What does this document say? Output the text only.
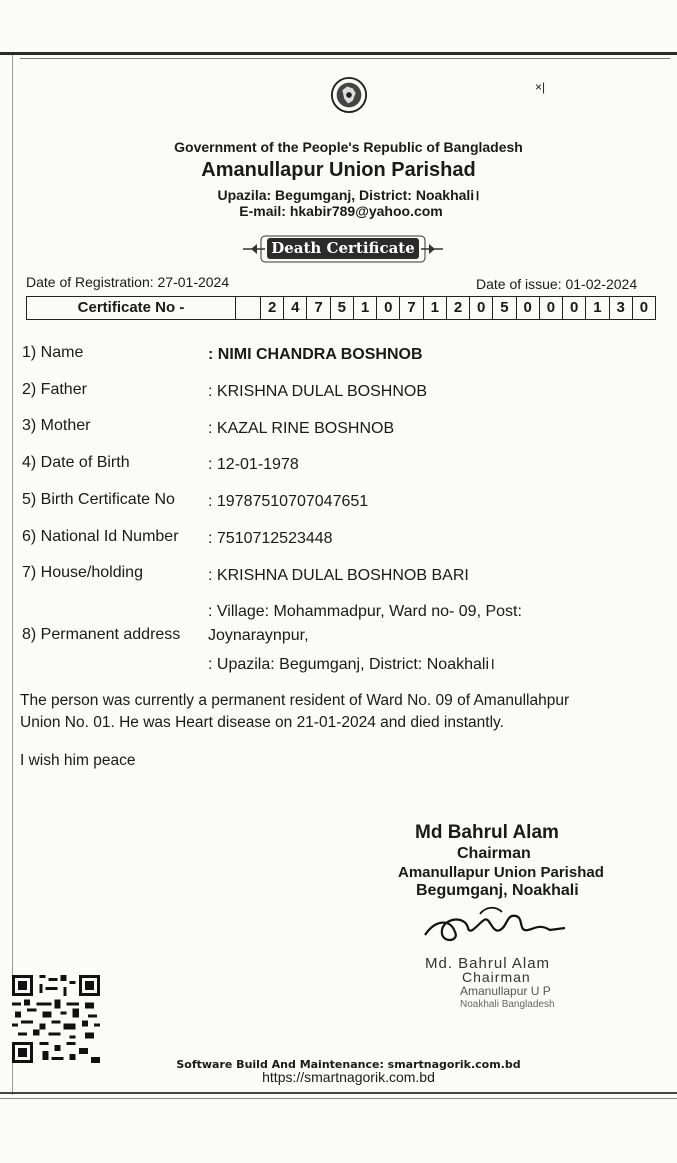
×|
Government of the People's Republic of Bangladesh
Amanullapur Union Parishad
Upazila: Begumganj, District: Noakhali।
E-mail: hkabir789@yahoo.com
Death Certificate
Date of Registration: 27-01-2024	Date of issue: 01-02-2024
Certificate No -	2 4 7 5 1 0 7 1 2 0 5 0 0 0 1 3 0
1) Name	: NIMI CHANDRA BOSHNOB
2) Father	: KRISHNA DULAL BOSHNOB
3) Mother	: KAZAL RINE BOSHNOB
4) Date of Birth	: 12-01-1978
5) Birth Certificate No : 19787510707047651
6) National Id Number : 7510712523448
7) House/holding	: KRISHNA DULAL BOSHNOB BARI
8) Permanent address
: Village: Mohammadpur, Ward no- 09, Post:
Joynaraynpur,
: Upazila: Begumganj, District: Noakhali।
The person was currently a permanent resident of Ward No. 09 of Amanullahpur
Union No. 01. He was Heart disease on 21-01-2024 and died instantly.
I wish him peace
Md Bahrul Alam
Chairman
Amanullapur Union Parishad
Begumganj, Noakhali
Md. Bahrul Alam
Chairman
Amanullapur U P
Noakhali Bangladesh
Software Build And Maintenance: smartnagorik.com.bd
https://smartnagorik.com.bd
